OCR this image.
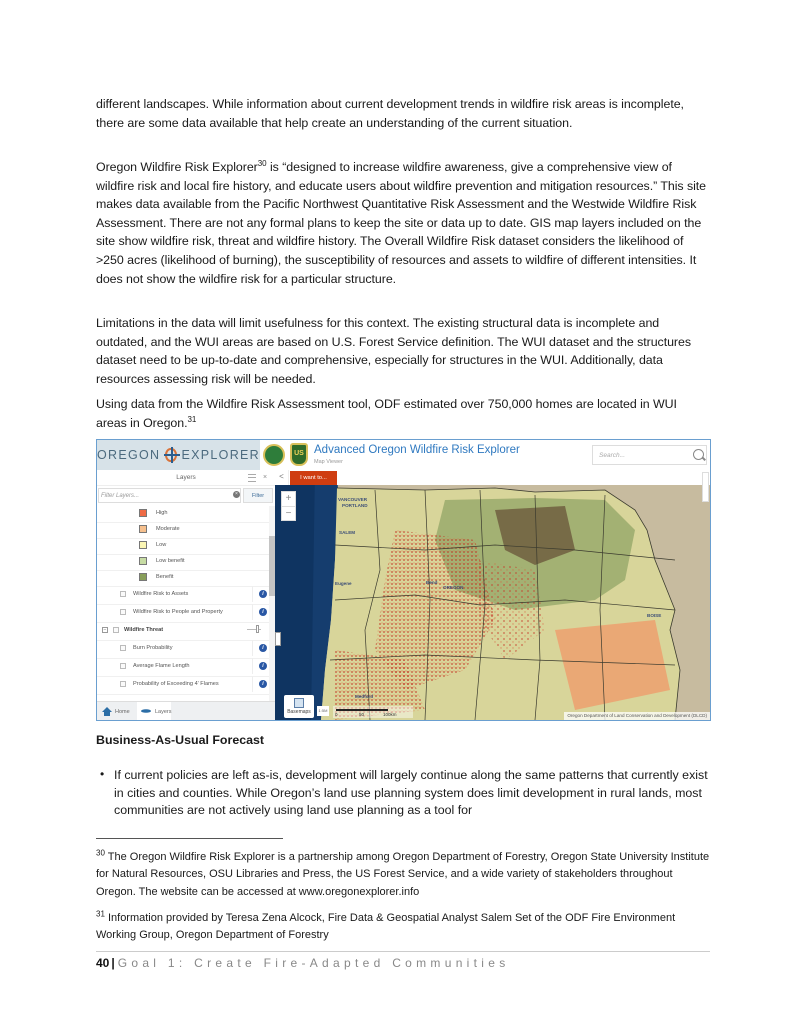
different landscapes. While information about current development trends in wildfire risk areas is incomplete, there are some data available that help create an understanding of the current situation.

Oregon Wildfire Risk Explorer$^{30}$ is “designed to increase wildfire awareness, give a comprehensive view of wildfire risk and local fire history, and educate users about wildfire prevention and mitigation resources.” This site makes data available from the Pacific Northwest Quantitative Risk Assessment and the Westwide Wildfire Risk Assessment. There are not any formal plans to keep the site or data up to date. GIS map layers included on the site show wildfire risk, threat and wildfire history. The Overall Wildfire Risk dataset considers the likelihood of >250 acres (likelihood of burning), the susceptibility of resources and assets to wildfire of different intensities. It does not show the wildfire risk for a particular structure.

Limitations in the data will limit usefulness for this context. The existing structural data is incomplete and outdated, and the WUI areas are based on U.S. Forest Service definition. The WUI dataset and the structures dataset need to be up-to-date and comprehensive, especially for structures in the WUI. Additionally, data resources assessing risk will be needed.

Using data from the Wildfire Risk Assessment tool, ODF estimated over 750,000 homes are located in WUI areas in Oregon.$^{31}$

OREGON EXPLORER	US Advanced Oregon Wildfire Risk Explorer
Map Viewer
Search...
Layers	×
Filter Layers...	×	Filter
High
Moderate
Low
Low benefit
Benefit
Wildfire Risk to Assets	i
Wildfire Risk to People and Property	i
−	Wildfire Threat
Burn Probability	i
Average Flame Length	i
Probability of Exceeding 4' Flames	i
Home	Layers
<
VANCOUVER
PORTLAND
SALEM
Eugene	Bend
OREGON
BOISE
Medford
I want to...
+
−
Basemaps	1:5M
0	50	100km	Oregon Department of Land Conservation and Development (DLCD)
Business-As-Usual Forecast
• If current policies are left as-is, development will largely continue along the same patterns that currently exist in cities and counties. While Oregon’s land use planning system does limit development in rural lands, most communities are not actively using land use planning as a tool for

$^{30}$ The Oregon Wildfire Risk Explorer is a partnership among Oregon Department of Forestry, Oregon State University Institute for Natural Resources, OSU Libraries and Press, the US Forest Service, and a wide variety of stakeholders throughout Oregon. The website can be accessed at www.oregonexplorer.info

$^{31}$ Information provided by Teresa Zena Alcock, Fire Data & Geospatial Analyst Salem Set of the ODF Fire Environment Working Group, Oregon Department of Forestry

40 | Goal 1: Create Fire-Adapted Communities
